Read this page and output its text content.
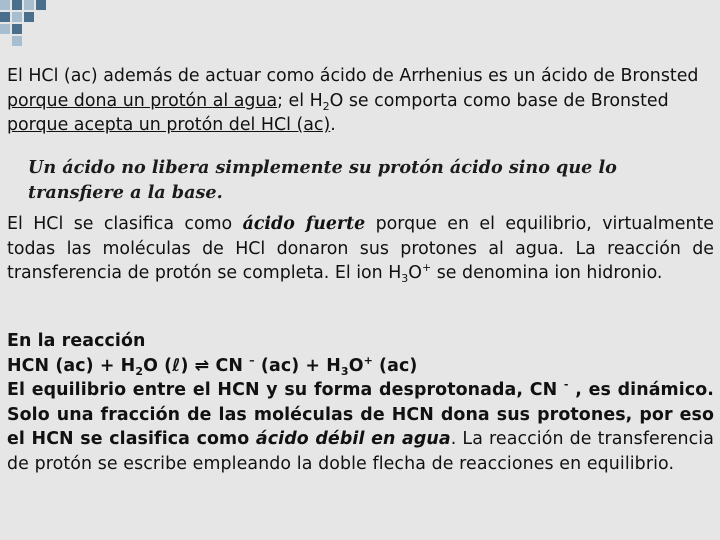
El HCl (ac) además de actuar como ácido de Arrhenius es un ácido de Bronsted porque dona un protón al agua; el $H_2O$ se comporta como base de Bronsted porque acepta un protón del HCl (ac).
Un ácido no libera simplemente su protón ácido sino que lo transfiere a la base.
El HCl se clasifica como ácido fuerte porque en el equilibrio, virtualmente todas las moléculas de HCl donaron sus protones al agua. La reacción de transferencia de protón se completa. El ion $H_3O^+$ se denomina ion hidronio.
En la reacción
HCN $(ac) + H_2O$ (ℓ) ⇌ CN – $(ac) + H_3O^+$ (ac)
El equilibrio entre el HCN y su forma desprotonada, CN - , es dinámico. Solo una fracción de las moléculas de HCN dona sus protones, por eso el HCN se clasifica como ácido débil en agua. La reacción de transferencia de protón se escribe empleando la doble flecha de reacciones en equilibrio.
